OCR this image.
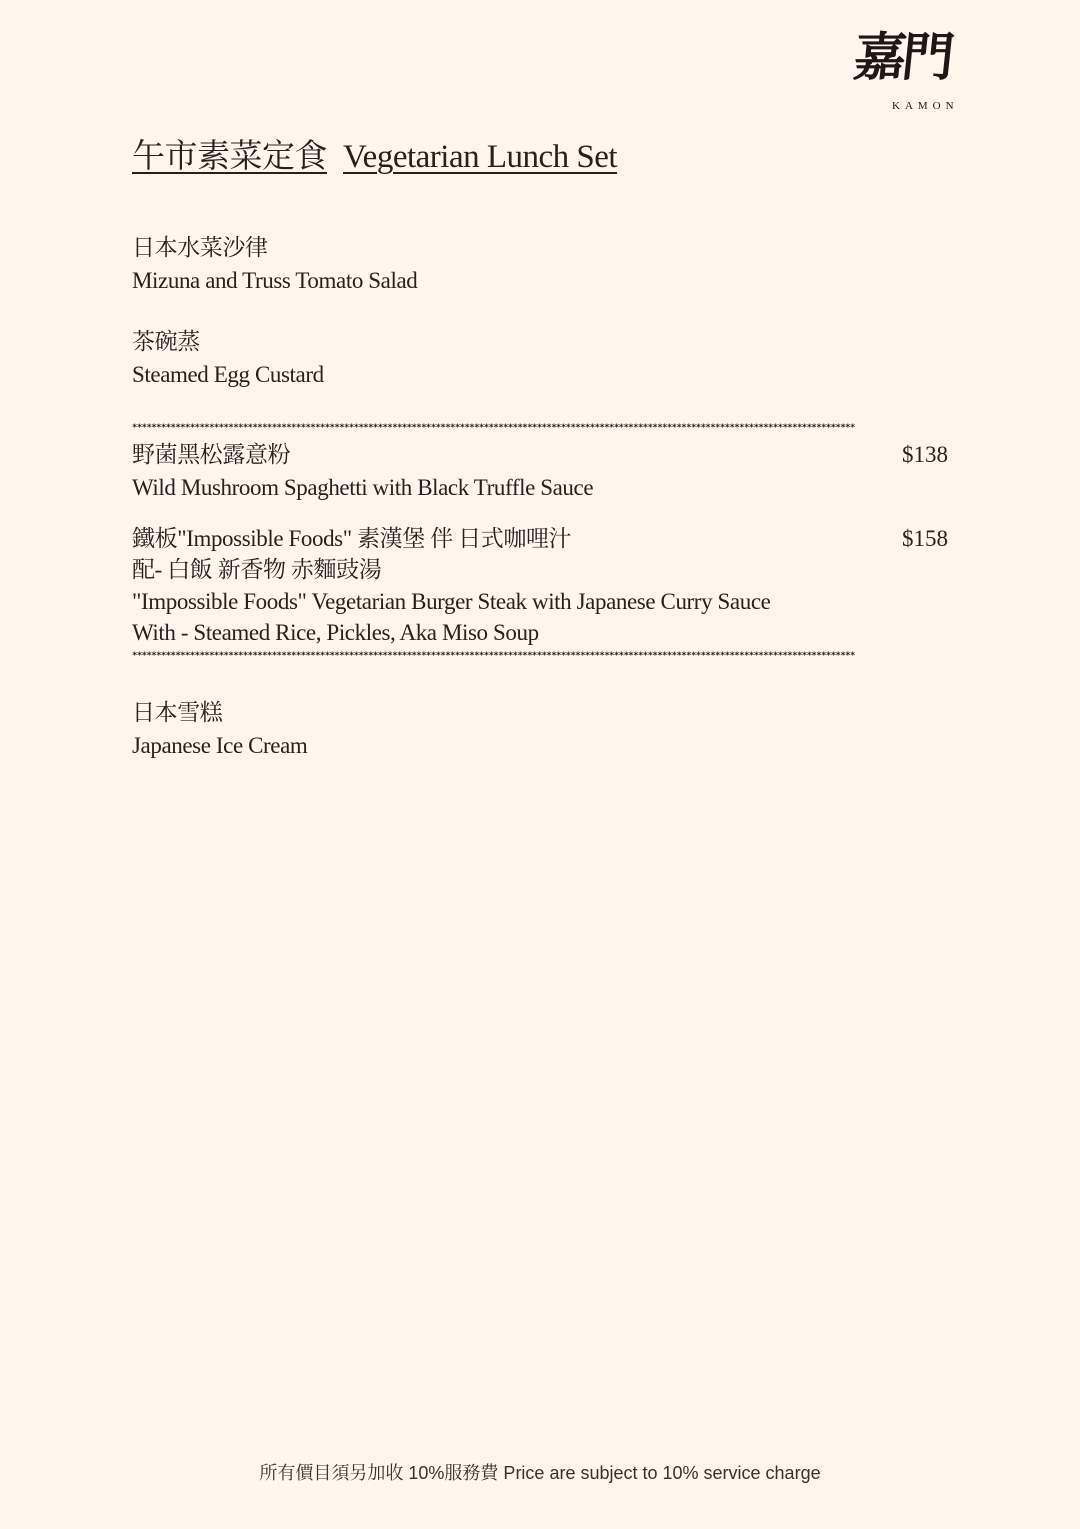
嘉門
KAMON
午市素菜定食 Vegetarian Lunch Set
日本水菜沙律
Mizuna and Truss Tomato Salad
茶碗蒸
Steamed Egg Custard
******************************************************************************************************************************************************
野菌黑松露意粉	$138
Wild Mushroom Spaghetti with Black Truffle Sauce
鐵板"Impossible Foods" 素漢堡 伴 日式咖哩汁	$158
配- 白飯 新香物 赤麵豉湯
"Impossible Foods" Vegetarian Burger Steak with Japanese Curry Sauce
With - Steamed Rice, Pickles, Aka Miso Soup
******************************************************************************************************************************************************
日本雪糕
Japanese Ice Cream
所有價目須另加收 10%服務費 Price are subject to 10% service charge
